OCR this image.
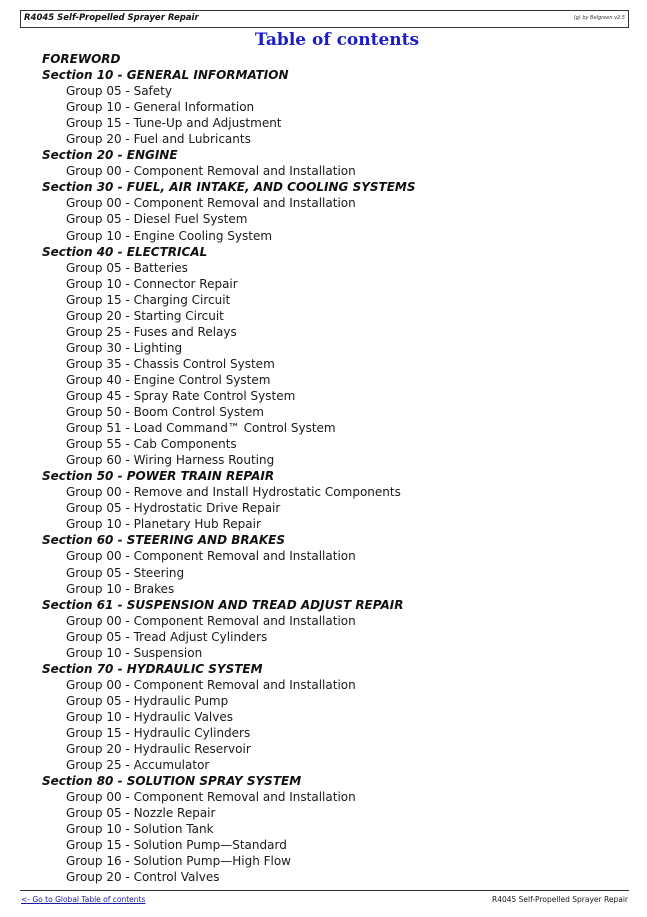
R4045 Self-Propelled Sprayer Repair	(g) by Belgreen v2.5
Table of contents
FOREWORD
Section 10 - GENERAL INFORMATION
Group 05 - Safety
Group 10 - General Information
Group 15 - Tune-Up and Adjustment
Group 20 - Fuel and Lubricants
Section 20 - ENGINE
Group 00 - Component Removal and Installation
Section 30 - FUEL, AIR INTAKE, AND COOLING SYSTEMS
Group 00 - Component Removal and Installation
Group 05 - Diesel Fuel System
Group 10 - Engine Cooling System
Section 40 - ELECTRICAL
Group 05 - Batteries
Group 10 - Connector Repair
Group 15 - Charging Circuit
Group 20 - Starting Circuit
Group 25 - Fuses and Relays
Group 30 - Lighting
Group 35 - Chassis Control System
Group 40 - Engine Control System
Group 45 - Spray Rate Control System
Group 50 - Boom Control System
Group 51 - Load Command™ Control System
Group 55 - Cab Components
Group 60 - Wiring Harness Routing
Section 50 - POWER TRAIN REPAIR
Group 00 - Remove and Install Hydrostatic Components
Group 05 - Hydrostatic Drive Repair
Group 10 - Planetary Hub Repair
Section 60 - STEERING AND BRAKES
Group 00 - Component Removal and Installation
Group 05 - Steering
Group 10 - Brakes
Section 61 - SUSPENSION AND TREAD ADJUST REPAIR
Group 00 - Component Removal and Installation
Group 05 - Tread Adjust Cylinders
Group 10 - Suspension
Section 70 - HYDRAULIC SYSTEM
Group 00 - Component Removal and Installation
Group 05 - Hydraulic Pump
Group 10 - Hydraulic Valves
Group 15 - Hydraulic Cylinders
Group 20 - Hydraulic Reservoir
Group 25 - Accumulator
Section 80 - SOLUTION SPRAY SYSTEM
Group 00 - Component Removal and Installation
Group 05 - Nozzle Repair
Group 10 - Solution Tank
Group 15 - Solution Pump—Standard
Group 16 - Solution Pump—High Flow
Group 20 - Control Valves
<- Go to Global Table of contents	R4045 Self-Propelled Sprayer Repair
